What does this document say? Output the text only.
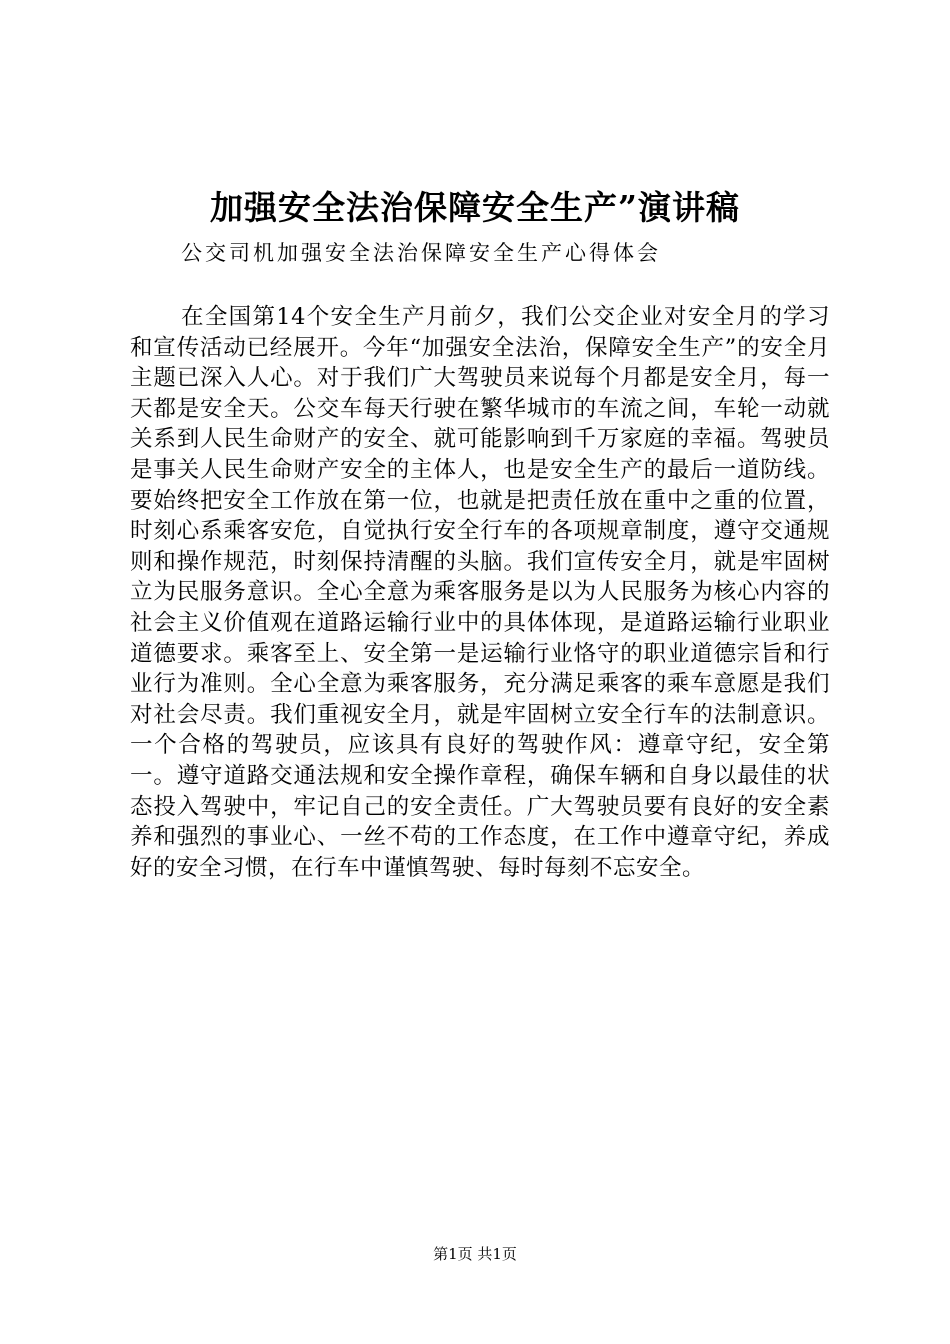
加强安全法治保障安全生产”演讲稿
公交司机加强安全法治保障安全生产心得体会

在全国第14个安全生产月前夕，我们公交企业对安全月的学习和宣传活动已经展开。今年“加强安全法治，保障安全生产”的安全月主题已深入人心。对于我们广大驾驶员来说每个月都是安全月，每一天都是安全天。公交车每天行驶在繁华城市的车流之间，车轮一动就关系到人民生命财产的安全、就可能影响到千万家庭的幸福。驾驶员是事关人民生命财产安全的主体人，也是安全生产的最后一道防线。要始终把安全工作放在第一位，也就是把责任放在重中之重的位置，时刻心系乘客安危，自觉执行安全行车的各项规章制度，遵守交通规则和操作规范，时刻保持清醒的头脑。我们宣传安全月，就是牢固树立为民服务意识。全心全意为乘客服务是以为人民服务为核心内容的社会主义价值观在道路运输行业中的具体体现，是道路运输行业职业道德要求。乘客至上、安全第一是运输行业恪守的职业道德宗旨和行业行为准则。全心全意为乘客服务，充分满足乘客的乘车意愿是我们对社会尽责。我们重视安全月，就是牢固树立安全行车的法制意识。一个合格的驾驶员，应该具有良好的驾驶作风：遵章守纪，安全第一。遵守道路交通法规和安全操作章程，确保车辆和自身以最佳的状态投入驾驶中，牢记自己的安全责任。广大驾驶员要有良好的安全素养和强烈的事业心、一丝不苟的工作态度，在工作中遵章守纪，养成好的安全习惯，在行车中谨慎驾驶、每时每刻不忘安全。

第1页 共1页
